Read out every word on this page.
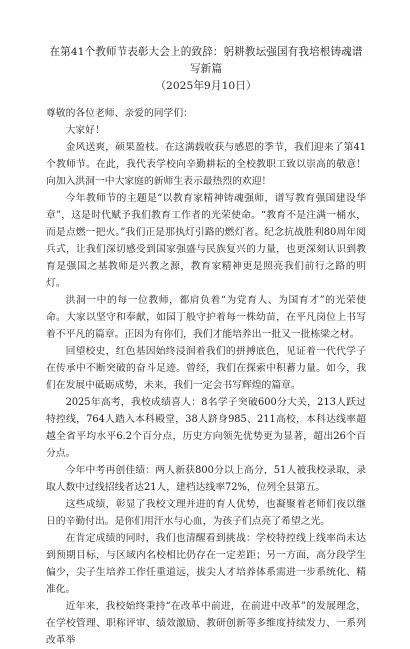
在第41个教师节表彰大会上的致辞：躬耕教坛强国有我培根铸魂谱写新篇
（2025年9月10日）

尊敬的各位老师、亲爱的同学们：

大家好！

金风送爽，硕果盈枝。在这满载收获与感恩的季节，我们迎来了第41个教师节。在此，我代表学校向辛勤耕耘的全校教职工致以崇高的敬意！向加入洪洞一中大家庭的新师生表示最热烈的欢迎！

今年教师节的主题是“以教育家精神铸魂强师，谱写教育强国建设华章”，这是时代赋予我们教育工作者的光荣使命。“教育不是注满一桶水，而是点燃一把火。”我们正是那执灯引路的燃灯者。纪念抗战胜利80周年阅兵式，让我们深切感受到国家强盛与民族复兴的力量，也更深刻认识到教育是强国之基教师是兴教之源，教育家精神更是照亮我们前行之路的明灯。

洪洞一中的每一位教师，都肩负着“为党育人、为国育才”的光荣使命。大家以坚守和奉献，如园丁般守护着每一株幼苗，在平凡岗位上书写着不平凡的篇章。正因为有你们，我们才能培养出一批又一批栋梁之材。

回望校史，红色基因始终浸润着我们的拼搏底色，见证着一代代学子在传承中不断突破的奋斗足迹。曾经，我们在探索中积蓄力量。如今，我们在发展中砥砺成势，未来，我们一定会书写辉煌的篇章。

2025年高考，我校成绩喜人：8名学子突破600分大关，213人跃过特控线，764人踏入本科殿堂，38人跻身985、211高校，本科达线率超越全省平均水平6.2个百分点，历史方向领先优势更为显著，超出26个百分点。

今年中考再创佳绩：两人新获800分以上高分，51人被我校录取，录取人数中过线招线者达21人，建档达线率72%，位列全县第五。

这些成绩，彰显了我校文理并进的育人优势，也凝聚着老师们夜以继日的辛勤付出。是你们用汗水与心血，为孩子们点亮了希望之光。

在肯定成绩的同时，我们也清醒看到挑战：学校特控线上线率尚未达到预期目标，与区域内名校相比仍存在一定差距；另一方面，高分段学生偏少，尖子生培养工作任重道远，拔尖人才培养体系需进一步系统化、精准化。

近年来，我校始终秉持“在改革中前进，在前进中改革”的发展理念，在学校管理、职称评审、绩效激励、教研创新等多维度持续发力、一系列改革举
